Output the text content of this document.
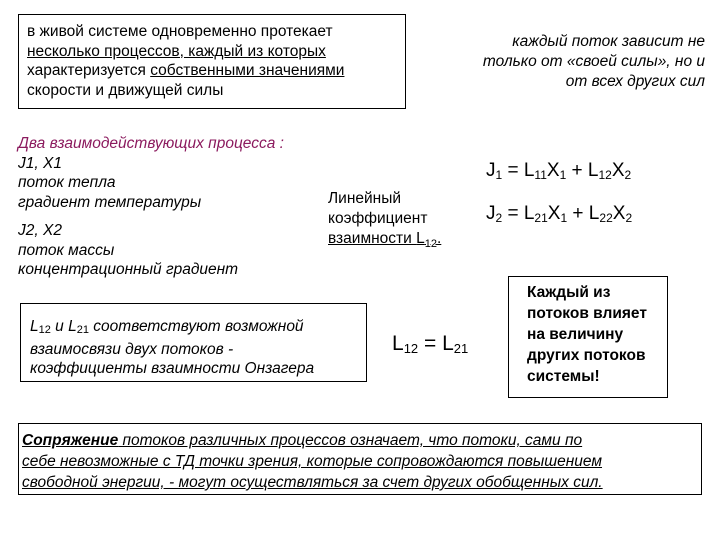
в живой системе одновременно протекает
несколько процессов, каждый из которых
характеризуется собственными значениями
скорости и движущей силы
каждый поток зависит не
только от «своей силы», но и
от всех других сил
Два взаимодействующих процесса :
J1, X1
поток тепла
градиент температуры
J2, X2
поток массы
концентрационный градиент
Линейный
коэффициент
взаимности $L_{12}$.
$J_1 = L_{11}X_1 + L_{12}X_2$
$J_2 = L_{21}X_1 + L_{22}X_2$
$L_{12}$ и $L_{21}$ соответствуют возможной
взаимосвязи двух потоков -
коэффициенты взаимности Онзагера
$L_{12} = L_{21}$
Каждый из
потоков влияет
на величину
других потоков
системы!
Сопряжение потоков различных процессов означает, что потоки, сами по
себе невозможные с ТД точки зрения, которые сопровождаются повышением
свободной энергии, - могут осуществляться за счет других обобщенных сил.
